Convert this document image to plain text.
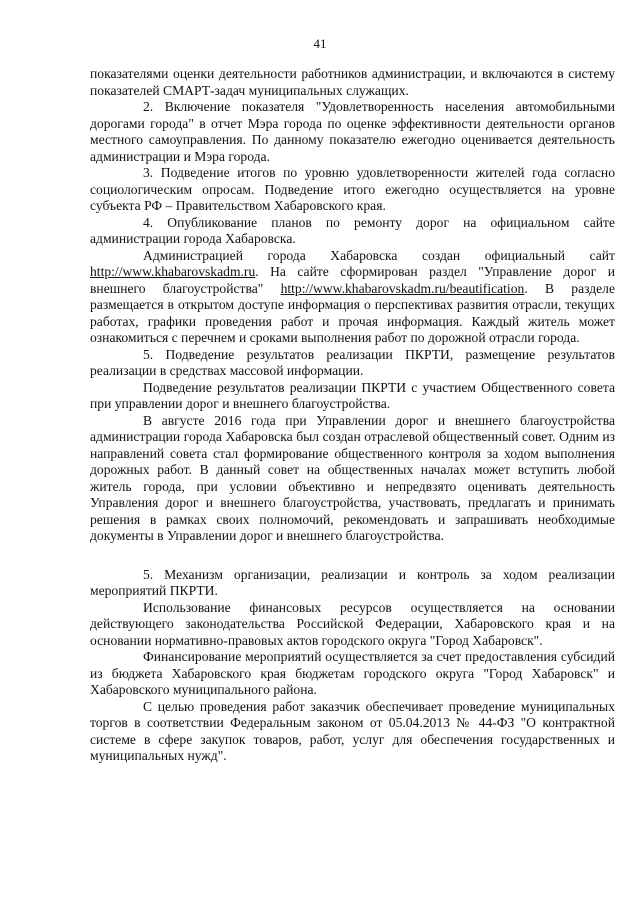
41

показателями оценки деятельности работников администрации, и включаются в систему показателей СМАРТ-задач муниципальных служащих.

2. Включение показателя "Удовлетворенность населения автомобильными дорогами города" в отчет Мэра города по оценке эффективности деятельности органов местного самоуправления. По данному показателю ежегодно оценивается деятельность администрации и Мэра города.

3. Подведение итогов по уровню удовлетворенности жителей года согласно социологическим опросам. Подведение итого ежегодно осуществляется на уровне субъекта РФ – Правительством Хабаровского края.

4. Опубликование планов по ремонту дорог на официальном сайте администрации города Хабаровска.

Администрацией города Хабаровска создан официальный сайт http://www.khabarovskadm.ru. На сайте сформирован раздел "Управление дорог и внешнего благоустройства" http://www.khabarovskadm.ru/beautification. В разделе размещается в открытом доступе информация о перспективах развития отрасли, текущих работах, графики проведения работ и прочая информация. Каждый житель может ознакомиться с перечнем и сроками выполнения работ по дорожной отрасли города.

5. Подведение результатов реализации ПКРТИ, размещение результатов реализации в средствах массовой информации.

Подведение результатов реализации ПКРТИ с участием Общественного совета при управлении дорог и внешнего благоустройства.

В августе 2016 года при Управлении дорог и внешнего благоустройства администрации города Хабаровска был создан отраслевой общественный совет. Одним из направлений совета стал формирование общественного контроля за ходом выполнения дорожных работ. В данный совет на общественных началах может вступить любой житель города, при условии объективно и непредвзято оценивать деятельность Управления дорог и внешнего благоустройства, участвовать, предлагать и принимать решения в рамках своих полномочий, рекомендовать и запрашивать необходимые документы в Управлении дорог и внешнего благоустройства.

5. Механизм организации, реализации и контроль за ходом реализации мероприятий ПКРТИ.

Использование финансовых ресурсов осуществляется на основании действующего законодательства Российской Федерации, Хабаровского края и на основании нормативно-правовых актов городского округа "Город Хабаровск".

Финансирование мероприятий осуществляется за счет предоставления субсидий из бюджета Хабаровского края бюджетам городского округа "Город Хабаровск" и Хабаровского муниципального района.

С целью проведения работ заказчик обеспечивает проведение муниципальных торгов в соответствии Федеральным законом от 05.04.2013 № 44-ФЗ "О контрактной системе в сфере закупок товаров, работ, услуг для обеспечения государственных и муниципальных нужд".
